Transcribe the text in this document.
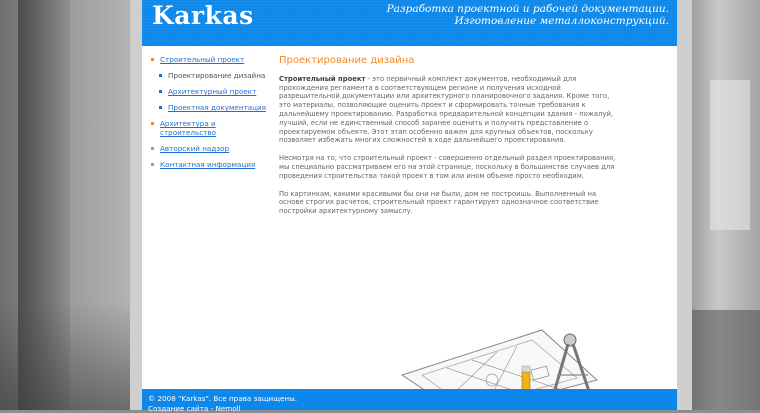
Karkas	Разработка проектной и рабочей документации.
Изготовление металлоконструкций.
Строительный проект
Проектирование дизайна
Архитектурный проект
Проектная документация
Архитектура и строительство
Авторский надзор
Контактная информация
Проектирование дизайна

Строительный проект - это первичный комплект документов, необходимый для прохождения регламента в соответствующем регионе и получения исходной разрешительной документации или архитектурного планировочного задания. Кроме того, это материалы, позволяющие оценить проект и сформировать точные требования к дальнейшему проектированию. Разработка предварительной концепции здания - пожалуй, лучший, если не единственный способ заранее оценить и получить представление о проектируемом объекте. Этот этап особенно важен для крупных объектов, поскольку позволяет избежать многих сложностей в ходе дальнейшего проектирования.

Несмотря на то, что строительный проект - совершенно отдельный раздел проектирования, мы специально рассматриваем его на этой странице, поскольку в большинстве случаев для проведения строительства такой проект в том или ином объеме просто необходим.

По картинкам, какими красивыми бы они ни были, дом не построишь. Выполненный на основе строгих расчетов, строительный проект гарантирует однозначное соответствие постройки архитектурному замыслу.

© 2008 "Karkas". Все права защищены.
Создание сайта - Nemoll
